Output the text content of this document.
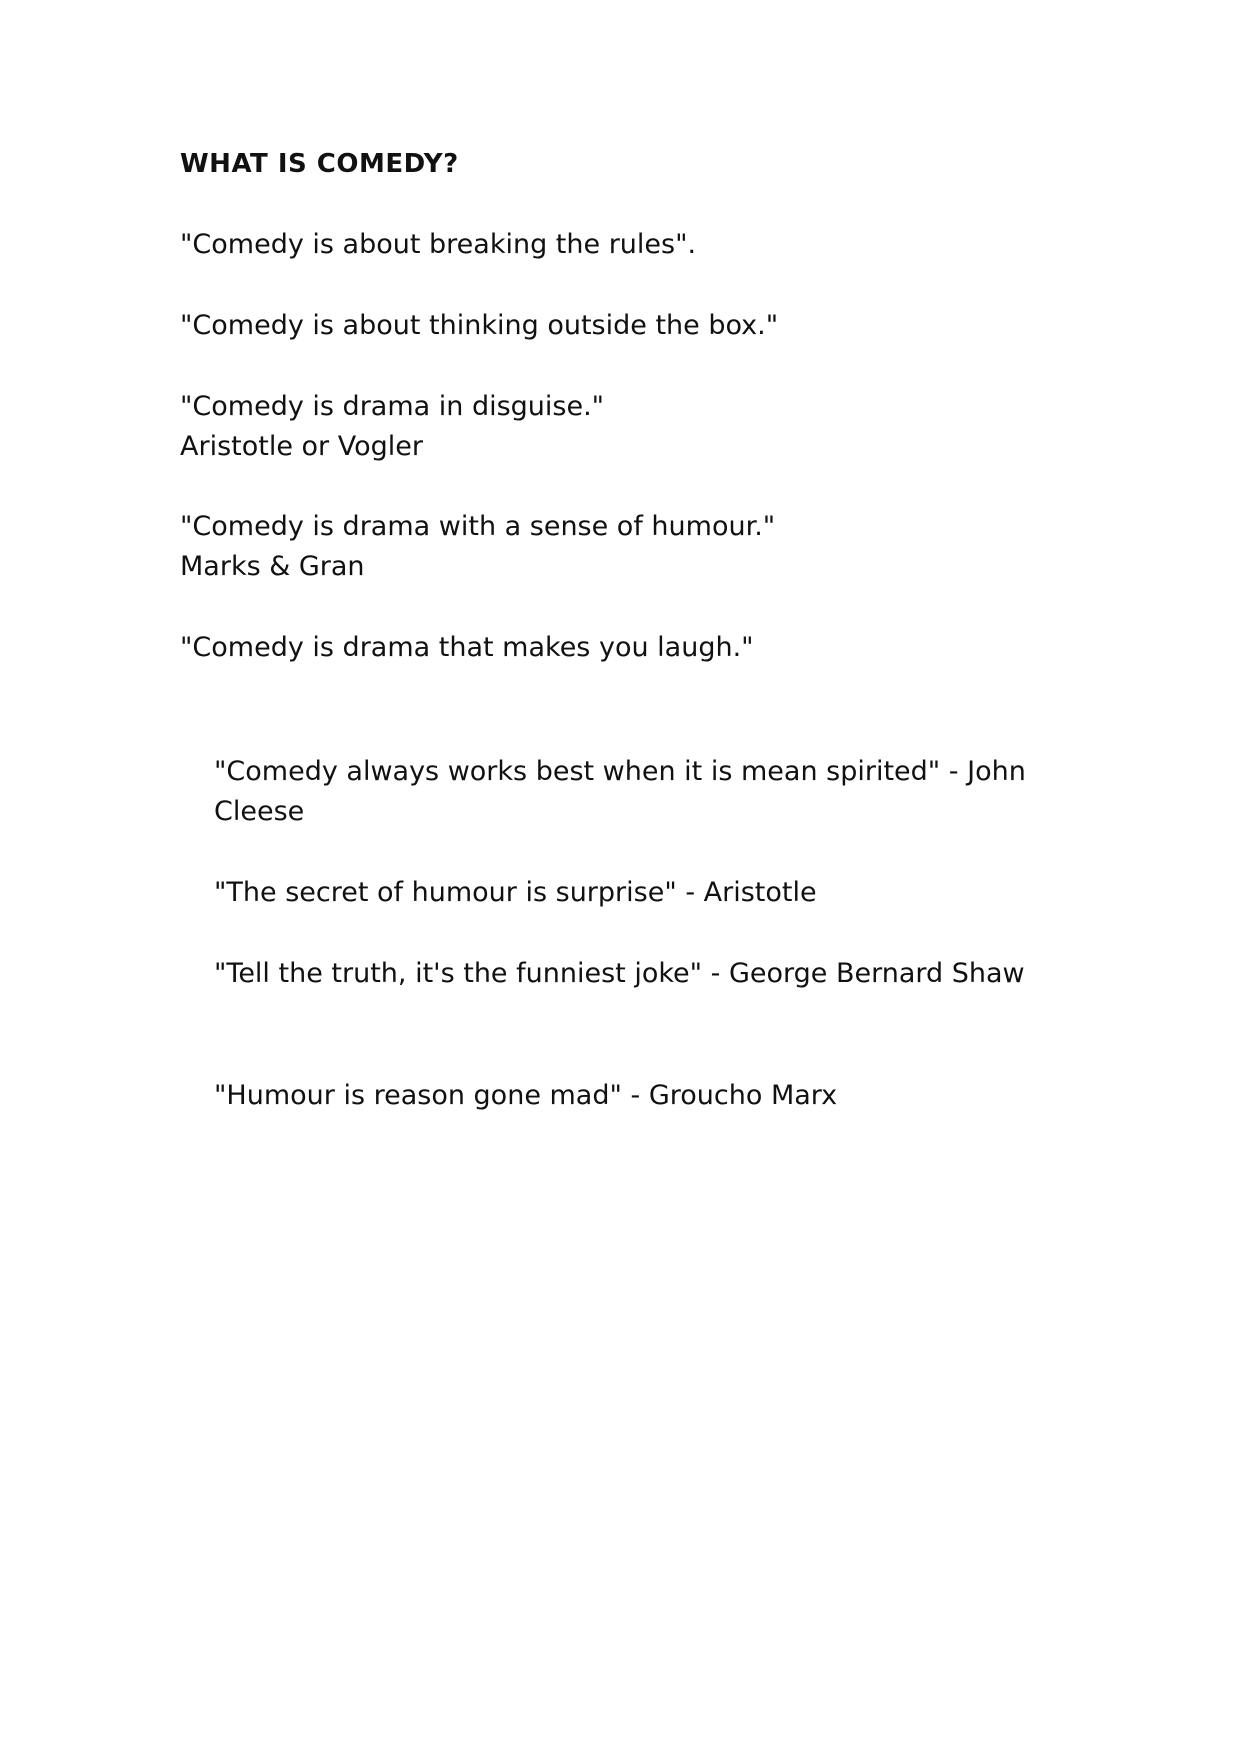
WHAT IS COMEDY?

"Comedy is about breaking the rules".

"Comedy is about thinking outside the box."

"Comedy is drama in disguise."

Aristotle or Vogler

"Comedy is drama with a sense of humour."

Marks & Gran

"Comedy is drama that makes you laugh."

"Comedy always works best when it is mean spirited" - John Cleese

"The secret of humour is surprise" - Aristotle

"Tell the truth, it's the funniest joke" - George Bernard Shaw

"Humour is reason gone mad" - Groucho Marx
